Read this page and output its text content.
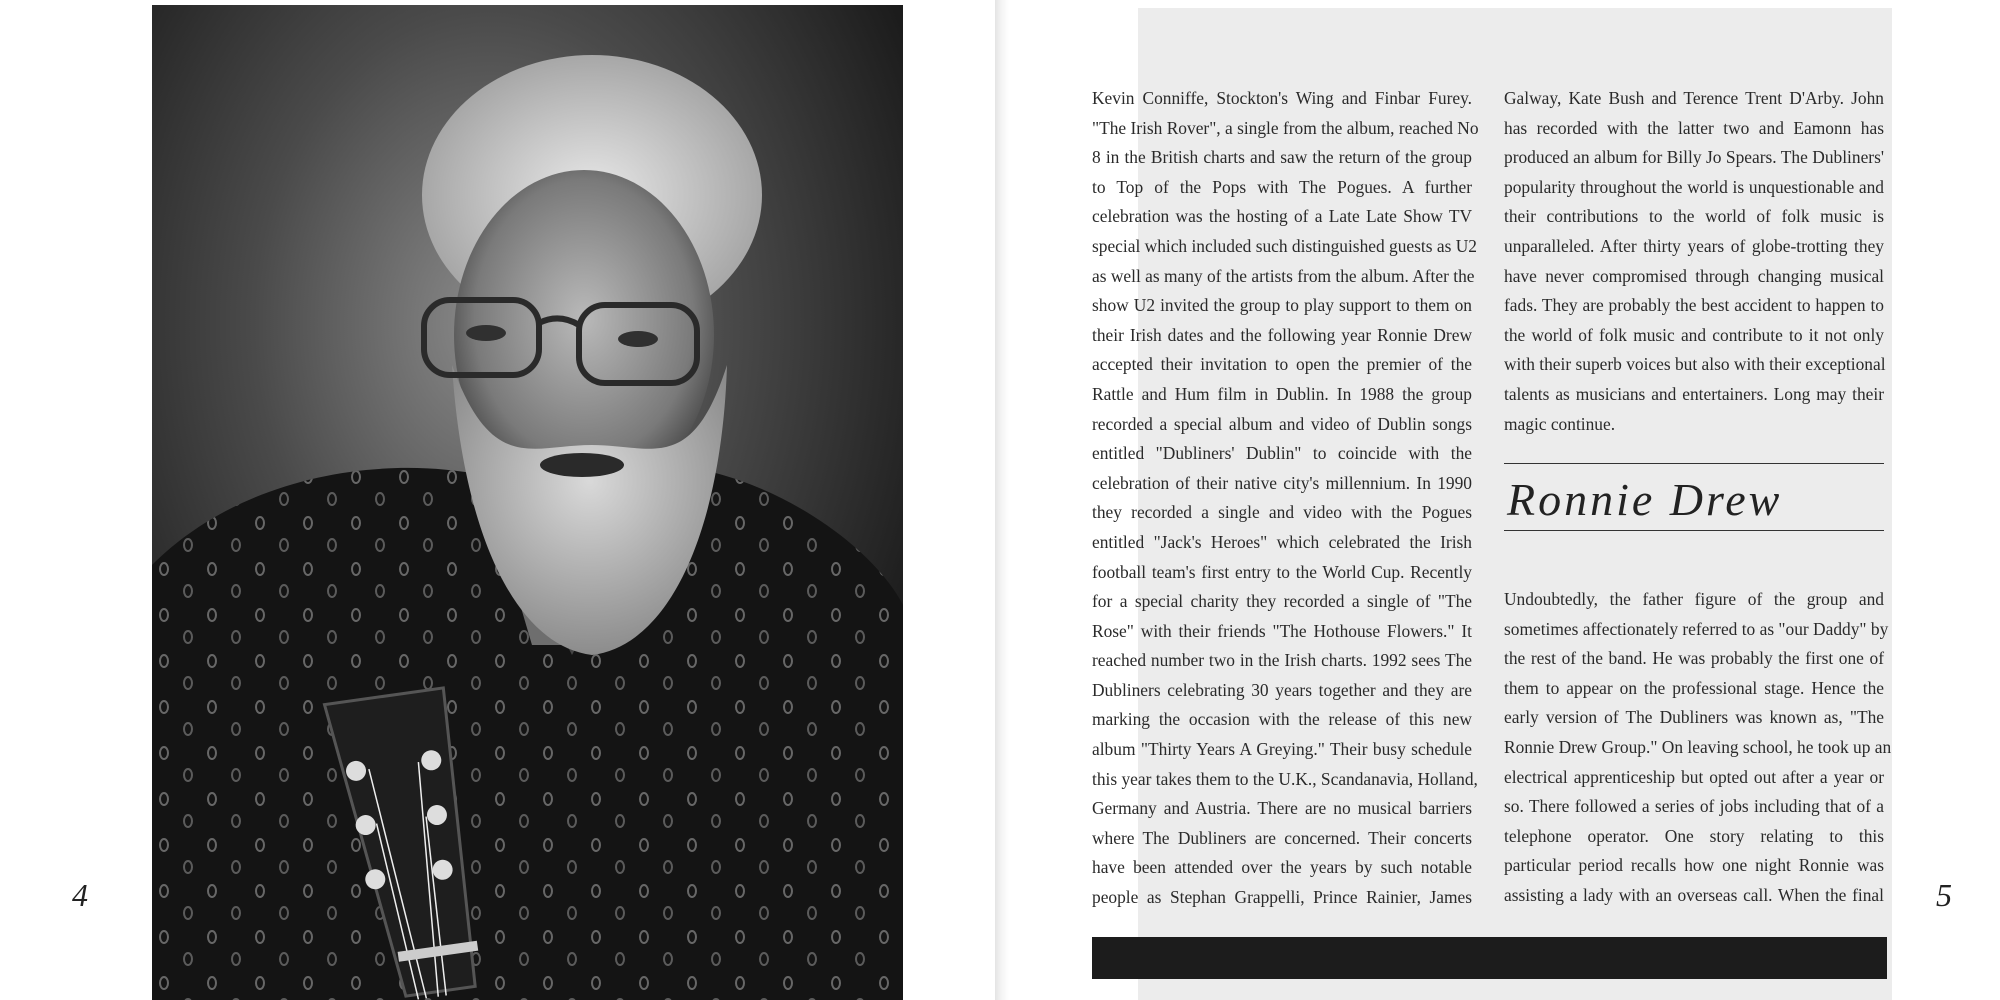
4
Kevin Conniffe, Stockton's Wing and Finbar Furey.
"The Irish Rover", a single from the album, reached No
8 in the British charts and saw the return of the group
to Top of the Pops with The Pogues. A further
celebration was the hosting of a Late Late Show TV
special which included such distinguished guests as U2
as well as many of the artists from the album. After the
show U2 invited the group to play support to them on
their Irish dates and the following year Ronnie Drew
accepted their invitation to open the premier of the
Rattle and Hum film in Dublin. In 1988 the group
recorded a special album and video of Dublin songs
entitled "Dubliners' Dublin" to coincide with the
celebration of their native city's millennium. In 1990
they recorded a single and video with the Pogues
entitled "Jack's Heroes" which celebrated the Irish
football team's first entry to the World Cup. Recently
for a special charity they recorded a single of "The
Rose" with their friends "The Hothouse Flowers." It
reached number two in the Irish charts. 1992 sees The
Dubliners celebrating 30 years together and they are
marking the occasion with the release of this new
album "Thirty Years A Greying." Their busy schedule
this year takes them to the U.K., Scandanavia, Holland,
Germany and Austria. There are no musical barriers
where The Dubliners are concerned. Their concerts
have been attended over the years by such notable
people as Stephan Grappelli, Prince Rainier, James
Galway, Kate Bush and Terence Trent D'Arby. John
has recorded with the latter two and Eamonn has
produced an album for Billy Jo Spears. The Dubliners'
popularity throughout the world is unquestionable and
their contributions to the world of folk music is
unparalleled. After thirty years of globe-trotting they
have never compromised through changing musical
fads. They are probably the best accident to happen to
the world of folk music and contribute to it not only
with their superb voices but also with their exceptional
talents as musicians and entertainers. Long may their
magic continue.
Ronnie Drew
Undoubtedly, the father figure of the group and
sometimes affectionately referred to as "our Daddy" by
the rest of the band. He was probably the first one of
them to appear on the professional stage. Hence the
early version of The Dubliners was known as, "The
Ronnie Drew Group." On leaving school, he took up an
electrical apprenticeship but opted out after a year or
so. There followed a series of jobs including that of a
telephone operator. One story relating to this
particular period recalls how one night Ronnie was
assisting a lady with an overseas call. When the final	5
